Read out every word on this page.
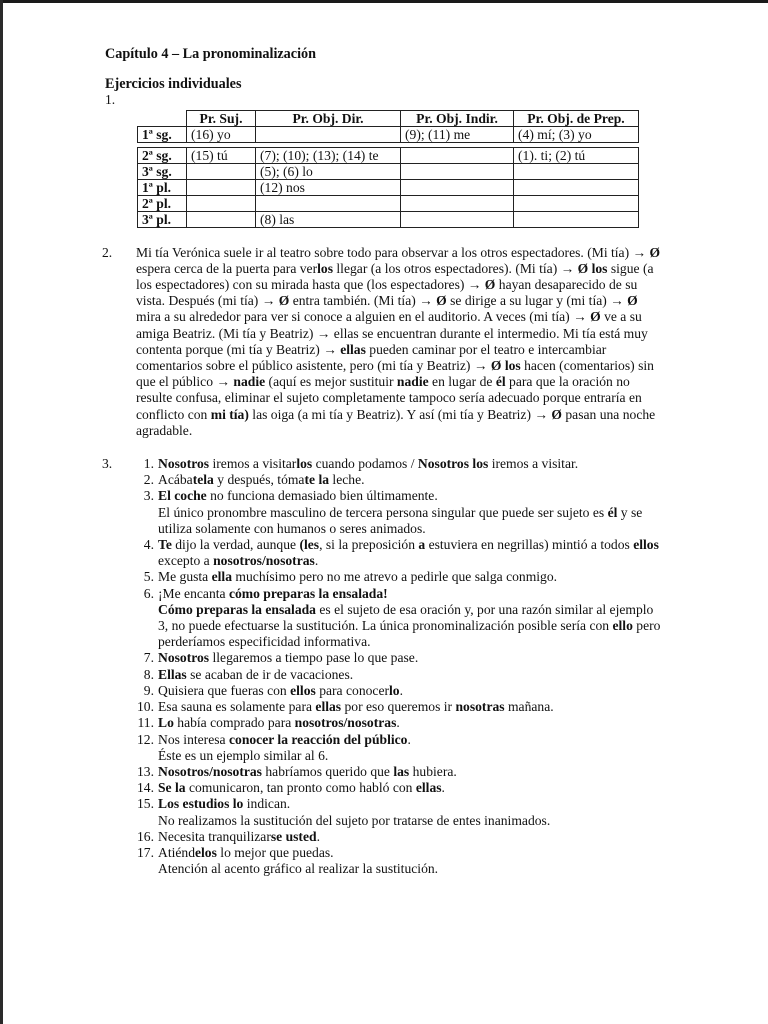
Capítulo 4 – La pronominalización
Ejercicios individuales
1.
	Pr. Suj.	Pr. Obj. Dir.	Pr. Obj. Indir.	Pr. Obj. de Prep.
1ª sg.	(16) yo		(9); (11) me	(4) mí; (3) yo
2ª sg.	(15) tú	(7); (10); (13); (14) te		(1). ti; (2) tú
3ª sg.		(5); (6) lo		
1ª pl.		(12) nos		
2ª pl.				
3ª pl.		(8) las		
2.	Mi tía Verónica suele ir al teatro sobre todo para observar a los otros espectadores. (Mi tía) → Ø espera cerca de la puerta para verlos llegar (a los otros espectadores). (Mi tía) → Ø los sigue (a los espectadores) con su mirada hasta que (los espectadores) → Ø hayan desaparecido de su vista. Después (mi tía) → Ø entra también. (Mi tía) → Ø se dirige a su lugar y (mi tía) → Ø mira a su alrededor para ver si conoce a alguien en el auditorio. A veces (mi tía) → Ø ve a su amiga Beatriz. (Mi tía y Beatriz) → ellas se encuentran durante el intermedio. Mi tía está muy contenta porque (mi tía y Beatriz) → ellas pueden caminar por el teatro e intercambiar comentarios sobre el público asistente, pero (mi tía y Beatriz) → Ø los hacen (comentarios) sin que el público → nadie (aquí es mejor sustituir nadie en lugar de él para que la oración no resulte confusa, eliminar el sujeto completamente tampoco sería adecuado porque entraría en conflicto con mi tía) las oiga (a mi tía y Beatriz). Y así (mi tía y Beatriz) → Ø pasan una noche agradable.
3.	1. Nosotros iremos a visitarlos cuando podamos / Nosotros los iremos a visitar.
2. Acábatela y después, tómate la leche.
3. El coche no funciona demasiado bien últimamente.
El único pronombre masculino de tercera persona singular que puede ser sujeto es él y se utiliza solamente con humanos o seres animados.
4. Te dijo la verdad, aunque (les, si la preposición a estuviera en negrillas) mintió a todos ellos excepto a nosotros/nosotras.
5. Me gusta ella muchísimo pero no me atrevo a pedirle que salga conmigo.
6. ¡Me encanta cómo preparas la ensalada!
Cómo preparas la ensalada es el sujeto de esa oración y, por una razón similar al ejemplo 3, no puede efectuarse la sustitución. La única pronominalización posible sería con ello pero perderíamos especificidad informativa.
7. Nosotros llegaremos a tiempo pase lo que pase.
8. Ellas se acaban de ir de vacaciones.
9. Quisiera que fueras con ellos para conocerlo.
10. Esa sauna es solamente para ellas por eso queremos ir nosotras mañana.
11. Lo había comprado para nosotros/nosotras.
12. Nos interesa conocer la reacción del público.
Éste es un ejemplo similar al 6.
13. Nosotros/nosotras habríamos querido que las hubiera.
14. Se la comunicaron, tan pronto como habló con ellas.
15. Los estudios lo indican.
No realizamos la sustitución del sujeto por tratarse de entes inanimados.
16. Necesita tranquilizarse usted.
17. Atiéndelos lo mejor que puedas.
Atención al acento gráfico al realizar la sustitución.
